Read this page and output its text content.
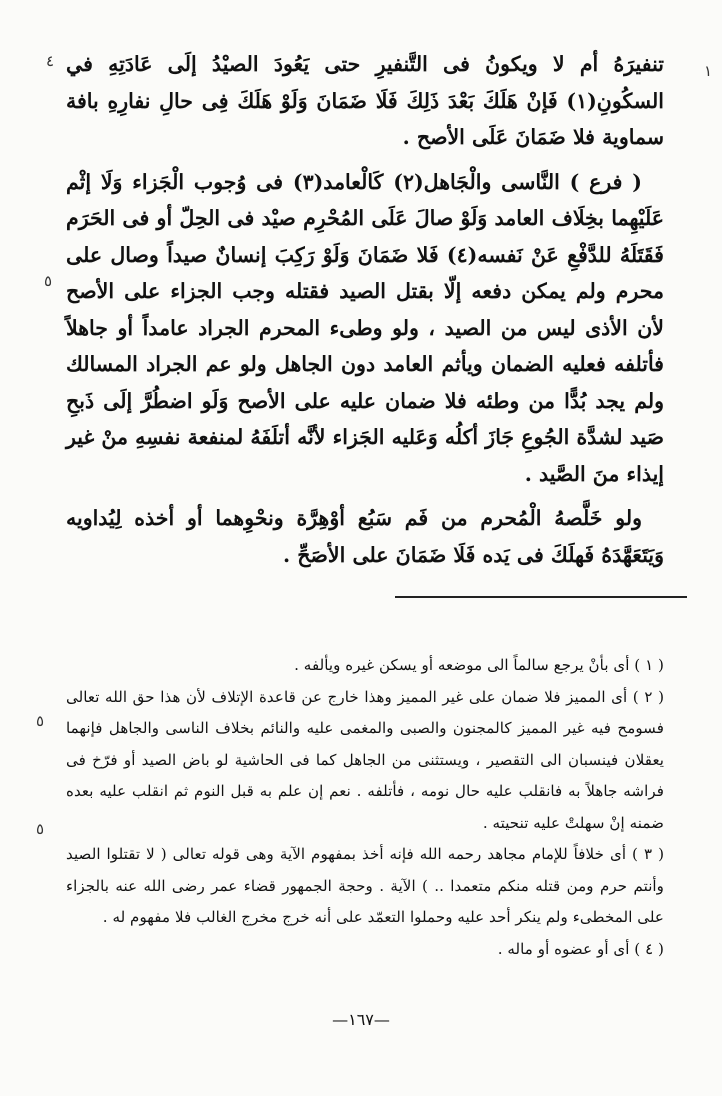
تنفيرَهُ أم لا ويكونُ فى التَّنفيرِ حتى يَعُودَ الصيْدُ إلَى عَادَتِهِ في السكُونِ(١) فَإنْ هَلَكَ بَعْدَ ذَلِكَ فَلَا ضَمَانَ وَلَوْ هَلَكَ فِى حالِ نفارِهِ بافة سماوية فلا ضَمَانَ عَلَى الأصح .

( فرع ) النَّاسى والْجَاهل(٢) كَالْعامد(٣) فى وُجوب الْجَزاء وَلَا إثْم عَلَيْهِما بخِلَاف العامد وَلَوْ صالَ عَلَى المُحْرِم صيْد فى الحِلّ أو فى الحَرَم فَقَتَلَهُ للدَّفْعِ عَنْ نَفسه(٤) فَلا ضَمَانَ وَلَوْ رَكِبَ إنسانٌ صيداً وصال على محرم ولم يمكن دفعه إلّا بقتل الصيد فقتله وجب الجزاء على الأصح لأن الأذى ليس من الصيد ، ولو وطىء المحرم الجراد عامداً أو جاهلاً فأتلفه فعليه الضمان ويأثم العامد دون الجاهل ولو عم الجراد المسالك ولم يجد بُدًّا من وطئه فلا ضمان عليه على الأصح وَلَو اضطُرَّ إلَى ذَبحِ صَيد لشدَّة الجُوعِ جَازَ أكلُه وَعَليه الجَزاء لأنَّه أتلَفَهُ لمنفعة نفسِهِ منْ غير إيذاء منَ الصَّيد .

ولو خَلَّصهُ الْمُحرم من فَم سَبُع أوْهِرَّة ونحْوِهما أو أخذه لِيُداويه وَيَتَعَهَّدَهُ فَهلَكَ فى يَده فَلَا ضَمَانَ على الأصَحِّ .

( ١ ) أى بأنْ يرجع سالماً الى موضعه أو يسكن غيره ويألفه .

( ٢ ) أى المميز فلا ضمان على غير المميز وهذا خارج عن قاعدة الإتلاف لأن هذا حق الله تعالى فسومح فيه غير المميز كالمجنون والصبى والمغمى عليه والنائم بخلاف الناسى والجاهل فإنهما يعقلان فينسبان الى التقصير ، ويستثنى من الجاهل كما فى الحاشية لو باض الصيد أو فرّخ فى فراشه جاهلاً به فانقلب عليه حال نومه ، فأتلفه . نعم إن علم به قبل النوم ثم انقلب عليه بعده ضمنه إنْ سهلتْ عليه تنحيته .

( ٣ ) أى خلافاً للإمام مجاهد رحمه الله فإنه أخذ بمفهوم الآية وهى قوله تعالى ( لا تقتلوا الصيد وأنتم حرم ومن قتله منكم متعمدا .. ) الآية . وحجة الجمهور قضاء عمر رضى الله عنه بالجزاء على المخطىء ولم ينكر أحد عليه وحملوا التعمّد على أنه خرج مخرج الغالب فلا مفهوم له .

( ٤ ) أى أو عضوه أو ماله .

—١٦٧—
٤
١
٥
٥
٥
